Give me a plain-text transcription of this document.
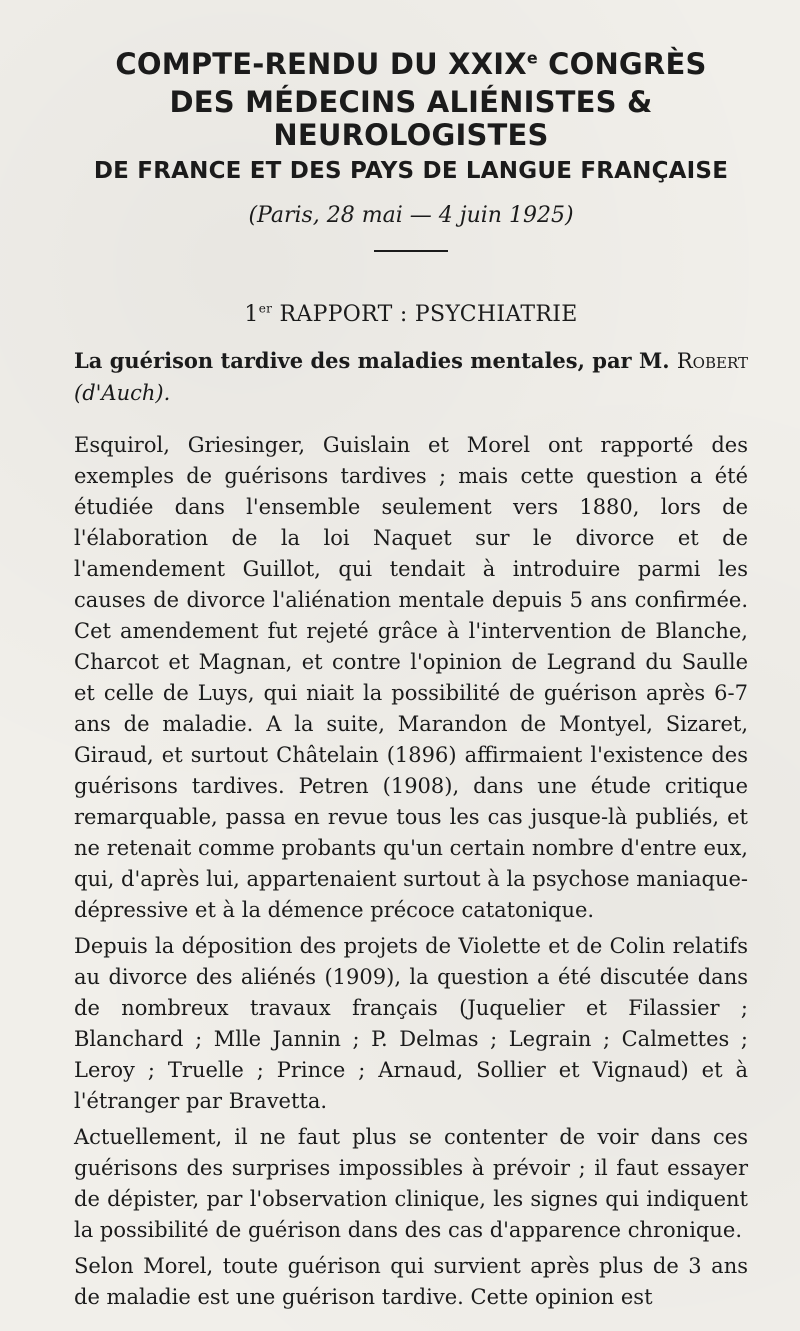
COMPTE-RENDU DU XXIXe CONGRÈS
DES MÉDECINS ALIÉNISTES & NEUROLOGISTES
DE FRANCE ET DES PAYS DE LANGUE FRANÇAISE
(Paris, 28 mai — 4 juin 1925)
1er RAPPORT : PSYCHIATRIE

La guérison tardive des maladies mentales, par M. Robert (d'Auch).

Esquirol, Griesinger, Guislain et Morel ont rapporté des exemples de guérisons tardives ; mais cette question a été étudiée dans l'ensemble seulement vers 1880, lors de l'élaboration de la loi Naquet sur le divorce et de l'amendement Guillot, qui tendait à introduire parmi les causes de divorce l'aliénation mentale depuis 5 ans confirmée. Cet amendement fut rejeté grâce à l'intervention de Blanche, Charcot et Magnan, et contre l'opinion de Legrand du Saulle et celle de Luys, qui niait la possibilité de guérison après 6-7 ans de maladie. A la suite, Marandon de Montyel, Sizaret, Giraud, et surtout Châtelain (1896) affirmaient l'existence des guérisons tardives. Petren (1908), dans une étude critique remarquable, passa en revue tous les cas jusque-là publiés, et ne retenait comme probants qu'un certain nombre d'entre eux, qui, d'après lui, appartenaient surtout à la psychose maniaque-dépressive et à la démence précoce catatonique.

Depuis la déposition des projets de Violette et de Colin relatifs au divorce des aliénés (1909), la question a été discutée dans de nombreux travaux français (Juquelier et Filassier ; Blanchard ; Mlle Jannin ; P. Delmas ; Legrain ; Calmettes ; Leroy ; Truelle ; Prince ; Arnaud, Sollier et Vignaud) et à l'étranger par Bravetta.

Actuellement, il ne faut plus se contenter de voir dans ces guérisons des surprises impossibles à prévoir ; il faut essayer de dépister, par l'observation clinique, les signes qui indiquent la possibilité de guérison dans des cas d'apparence chronique.

Selon Morel, toute guérison qui survient après plus de 3 ans de maladie est une guérison tardive. Cette opinion est
